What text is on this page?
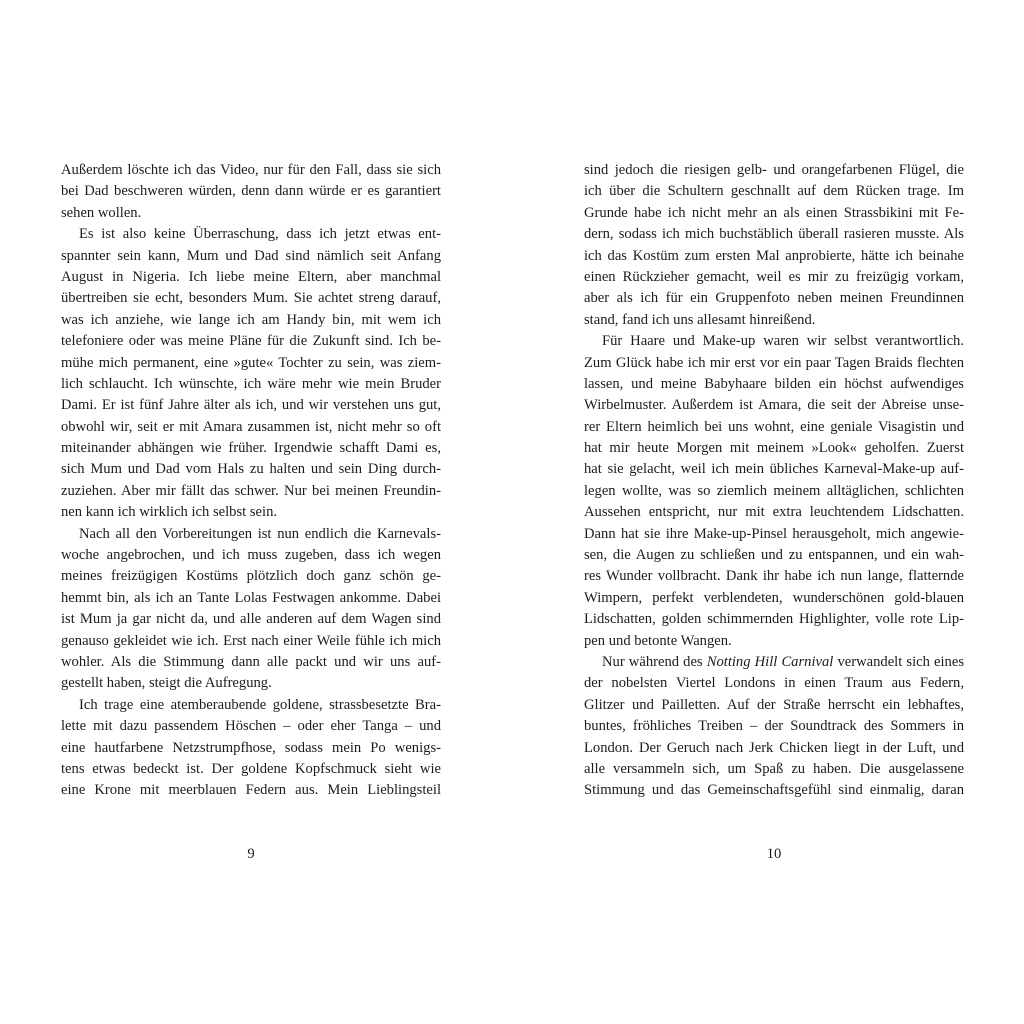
Außerdem löschte ich das Video, nur für den Fall, dass sie sich
bei Dad beschweren würden, denn dann würde er es garantiert
sehen wollen.
Es ist also keine Überraschung, dass ich jetzt etwas ent-
spannter sein kann, Mum und Dad sind nämlich seit Anfang
August in Nigeria. Ich liebe meine Eltern, aber manchmal
übertreiben sie echt, besonders Mum. Sie achtet streng darauf,
was ich anziehe, wie lange ich am Handy bin, mit wem ich
telefoniere oder was meine Pläne für die Zukunft sind. Ich be-
mühe mich permanent, eine »gute« Tochter zu sein, was ziem-
lich schlaucht. Ich wünschte, ich wäre mehr wie mein Bruder
Dami. Er ist fünf Jahre älter als ich, und wir verstehen uns gut,
obwohl wir, seit er mit Amara zusammen ist, nicht mehr so oft
miteinander abhängen wie früher. Irgendwie schafft Dami es,
sich Mum und Dad vom Hals zu halten und sein Ding durch-
zuziehen. Aber mir fällt das schwer. Nur bei meinen Freundin-
nen kann ich wirklich ich selbst sein.
Nach all den Vorbereitungen ist nun endlich die Karnevals-
woche angebrochen, und ich muss zugeben, dass ich wegen
meines freizügigen Kostüms plötzlich doch ganz schön ge-
hemmt bin, als ich an Tante Lolas Festwagen ankomme. Dabei
ist Mum ja gar nicht da, und alle anderen auf dem Wagen sind
genauso gekleidet wie ich. Erst nach einer Weile fühle ich mich
wohler. Als die Stimmung dann alle packt und wir uns auf-
gestellt haben, steigt die Aufregung.
Ich trage eine atemberaubende goldene, strassbesetzte Bra-
lette mit dazu passendem Höschen – oder eher Tanga – und
eine hautfarbene Netzstrumpfhose, sodass mein Po wenigs-
tens etwas bedeckt ist. Der goldene Kopfschmuck sieht wie
eine Krone mit meerblauen Federn aus. Mein Lieblingsteil
sind jedoch die riesigen gelb- und orangefarbenen Flügel, die
ich über die Schultern geschnallt auf dem Rücken trage. Im
Grunde habe ich nicht mehr an als einen Strassbikini mit Fe-
dern, sodass ich mich buchstäblich überall rasieren musste. Als
ich das Kostüm zum ersten Mal anprobierte, hätte ich beinahe
einen Rückzieher gemacht, weil es mir zu freizügig vorkam,
aber als ich für ein Gruppenfoto neben meinen Freundinnen
stand, fand ich uns allesamt hinreißend.
Für Haare und Make-up waren wir selbst verantwortlich.
Zum Glück habe ich mir erst vor ein paar Tagen Braids flechten
lassen, und meine Babyhaare bilden ein höchst aufwendiges
Wirbelmuster. Außerdem ist Amara, die seit der Abreise unse-
rer Eltern heimlich bei uns wohnt, eine geniale Visagistin und
hat mir heute Morgen mit meinem »Look« geholfen. Zuerst
hat sie gelacht, weil ich mein übliches Karneval-Make-up auf-
legen wollte, was so ziemlich meinem alltäglichen, schlichten
Aussehen entspricht, nur mit extra leuchtendem Lidschatten.
Dann hat sie ihre Make-up-Pinsel herausgeholt, mich angewie-
sen, die Augen zu schließen und zu entspannen, und ein wah-
res Wunder vollbracht. Dank ihr habe ich nun lange, flatternde
Wimpern, perfekt verblendeten, wunderschönen gold-blauen
Lidschatten, golden schimmernden Highlighter, volle rote Lip-
pen und betonte Wangen.
Nur während des Notting Hill Carnival verwandelt sich eines
der nobelsten Viertel Londons in einen Traum aus Federn,
Glitzer und Pailletten. Auf der Straße herrscht ein lebhaftes,
buntes, fröhliches Treiben – der Soundtrack des Sommers in
London. Der Geruch nach Jerk Chicken liegt in der Luft, und
alle versammeln sich, um Spaß zu haben. Die ausgelassene
Stimmung und das Gemeinschaftsgefühl sind einmalig, daran
9	10
